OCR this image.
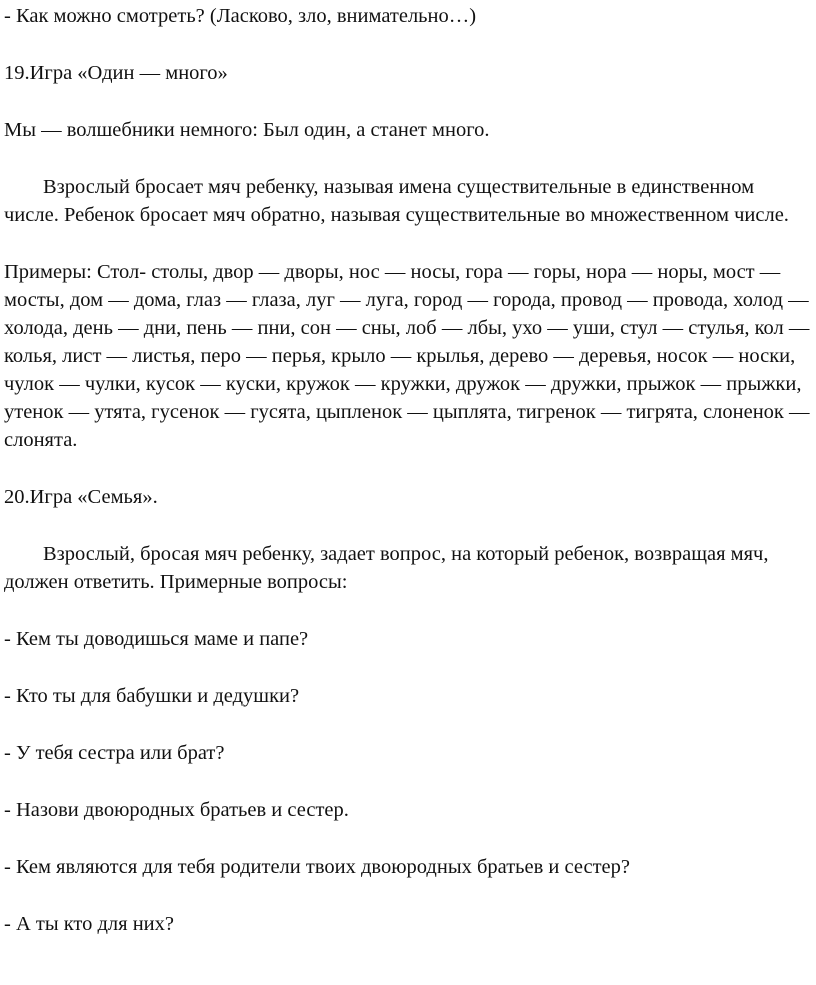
- Как можно смотреть? (Ласково, зло, внимательно…)

19.Игра «Один — много»

Мы — волшебники немного: Был один, а станет много.

Взрослый бросает мяч ребенку, называя имена существительные в единственном числе. Ребенок бросает мяч обратно, называя существительные во множественном числе.

Примеры: Стол- столы, двор — дворы, нос — носы, гора — горы, нора — норы, мост —мосты, дом — дома, глаз — глаза, луг — луга, город — города, провод — провода, холод — холода, день — дни, пень — пни, сон — сны, лоб — лбы, ухо — уши, стул — стулья, кол — колья, лист — листья, перо — перья, крыло — крылья, дерево — деревья, носок — носки, чулок — чулки, кусок — куски, кружок — кружки, дружок — дружки, прыжок — прыжки, утенок — утята, гусенок — гусята, цыпленок — цыплята, тигренок — тигрята, слоненок — слонята.

20.Игра «Семья».

Взрослый, бросая мяч ребенку, задает вопрос, на который ребенок, возвращая мяч, должен ответить. Примерные вопросы:

- Кем ты доводишься маме и папе?

- Кто ты для бабушки и дедушки?

- У тебя сестра или брат?

- Назови двоюродных братьев и сестер.

- Кем являются для тебя родители твоих двоюродных братьев и сестер?

- А ты кто для них?
